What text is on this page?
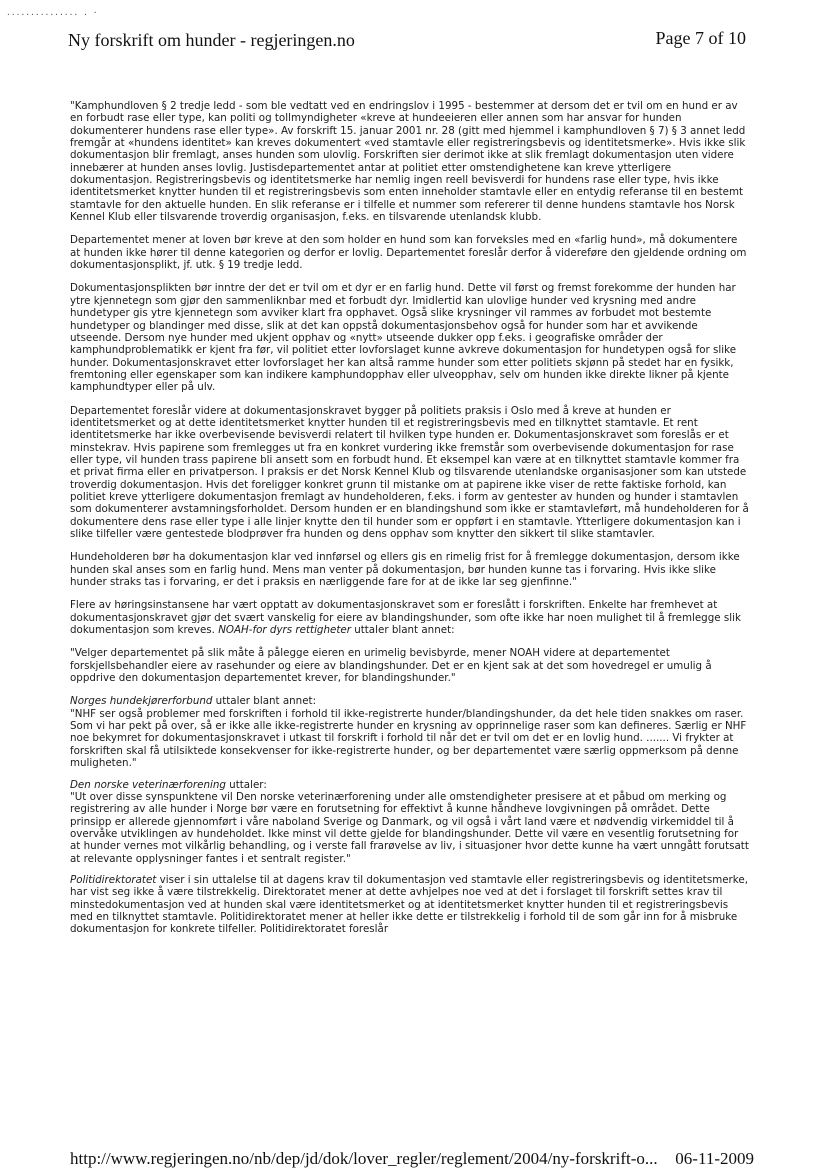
............... . ·
Ny forskrift om hunder - regjeringen.no	Page 7 of 10

"Kamphundloven § 2 tredje ledd - som ble vedtatt ved en endringslov i 1995 - bestemmer at dersom det er tvil om en hund er av en forbudt rase eller type, kan politi og tollmyndigheter «kreve at hundeeieren eller annen som har ansvar for hunden dokumenterer hundens rase eller type». Av forskrift 15. januar 2001 nr. 28 (gitt med hjemmel i kamphundloven § 7) § 3 annet ledd fremgår at «hundens identitet» kan kreves dokumentert «ved stamtavle eller registreringsbevis og identitetsmerke». Hvis ikke slik dokumentasjon blir fremlagt, anses hunden som ulovlig. Forskriften sier derimot ikke at slik fremlagt dokumentasjon uten videre innebærer at hunden anses lovlig. Justisdepartementet antar at politiet etter omstendighetene kan kreve ytterligere dokumentasjon. Registreringsbevis og identitetsmerke har nemlig ingen reell bevisverdi for hundens rase eller type, hvis ikke identitetsmerket knytter hunden til et registreringsbevis som enten inneholder stamtavle eller en entydig referanse til en bestemt stamtavle for den aktuelle hunden. En slik referanse er i tilfelle et nummer som refererer til denne hundens stamtavle hos Norsk Kennel Klub eller tilsvarende troverdig organisasjon, f.eks. en tilsvarende utenlandsk klubb.

Departementet mener at loven bør kreve at den som holder en hund som kan forveksles med en «farlig hund», må dokumentere at hunden ikke hører til denne kategorien og derfor er lovlig. Departementet foreslår derfor å videreføre den gjeldende ordning om dokumentasjonsplikt, jf. utk. § 19 tredje ledd.

Dokumentasjonsplikten bør inntre der det er tvil om et dyr er en farlig hund. Dette vil først og fremst forekomme der hunden har ytre kjennetegn som gjør den sammenliknbar med et forbudt dyr. Imidlertid kan ulovlige hunder ved krysning med andre hundetyper gis ytre kjennetegn som avviker klart fra opphavet. Også slike krysninger vil rammes av forbudet mot bestemte hundetyper og blandinger med disse, slik at det kan oppstå dokumentasjonsbehov også for hunder som har et avvikende utseende. Dersom nye hunder med ukjent opphav og «nytt» utseende dukker opp f.eks. i geografiske områder der kamphundproblematikk er kjent fra før, vil politiet etter lovforslaget kunne avkreve dokumentasjon for hundetypen også for slike hunder. Dokumentasjonskravet etter lovforslaget her kan altså ramme hunder som etter politiets skjønn på stedet har en fysikk, fremtoning eller egenskaper som kan indikere kamphundopphav eller ulveopphav, selv om hunden ikke direkte likner på kjente kamphundtyper eller på ulv.

Departementet foreslår videre at dokumentasjonskravet bygger på politiets praksis i Oslo med å kreve at hunden er identitetsmerket og at dette identitetsmerket knytter hunden til et registreringsbevis med en tilknyttet stamtavle. Et rent identitetsmerke har ikke overbevisende bevisverdi relatert til hvilken type hunden er. Dokumentasjonskravet som foreslås er et minstekrav. Hvis papirene som fremlegges ut fra en konkret vurdering ikke fremstår som overbevisende dokumentasjon for rase eller type, vil hunden trass papirene bli ansett som en forbudt hund. Et eksempel kan være at en tilknyttet stamtavle kommer fra et privat firma eller en privatperson. I praksis er det Norsk Kennel Klub og tilsvarende utenlandske organisasjoner som kan utstede troverdig dokumentasjon. Hvis det foreligger konkret grunn til mistanke om at papirene ikke viser de rette faktiske forhold, kan politiet kreve ytterligere dokumentasjon fremlagt av hundeholderen, f.eks. i form av gentester av hunden og hunder i stamtavlen som dokumenterer avstamningsforholdet. Dersom hunden er en blandingshund som ikke er stamtavleført, må hundeholderen for å dokumentere dens rase eller type i alle linjer knytte den til hunder som er oppført i en stamtavle. Ytterligere dokumentasjon kan i slike tilfeller være gentestede blodprøver fra hunden og dens opphav som knytter den sikkert til slike stamtavler.

Hundeholderen bør ha dokumentasjon klar ved innførsel og ellers gis en rimelig frist for å fremlegge dokumentasjon, dersom ikke hunden skal anses som en farlig hund. Mens man venter på dokumentasjon, bør hunden kunne tas i forvaring. Hvis ikke slike hunder straks tas i forvaring, er det i praksis en nærliggende fare for at de ikke lar seg gjenfinne."

Flere av høringsinstansene har vært opptatt av dokumentasjonskravet som er foreslått i forskriften. Enkelte har fremhevet at dokumentasjonskravet gjør det svært vanskelig for eiere av blandingshunder, som ofte ikke har noen mulighet til å fremlegge slik dokumentasjon som kreves. NOAH-for dyrs rettigheter uttaler blant annet:

"Velger departementet på slik måte å pålegge eieren en urimelig bevisbyrde, mener NOAH videre at departementet forskjellsbehandler eiere av rasehunder og eiere av blandingshunder. Det er en kjent sak at det som hovedregel er umulig å oppdrive den dokumentasjon departementet krever, for blandingshunder."

Norges hundekjørerforbund uttaler blant annet:

"NHF ser også problemer med forskriften i forhold til ikke-registrerte hunder/blandingshunder, da det hele tiden snakkes om raser. Som vi har pekt på over, så er ikke alle ikke-registrerte hunder en krysning av opprinnelige raser som kan defineres. Særlig er NHF noe bekymret for dokumentasjonskravet i utkast til forskrift i forhold til når det er tvil om det er en lovlig hund. ....... Vi frykter at forskriften skal få utilsiktede konsekvenser for ikke-registrerte hunder, og ber departementet være særlig oppmerksom på denne muligheten."

Den norske veterinærforening uttaler:

"Ut over disse synspunktene vil Den norske veterinærforening under alle omstendigheter presisere at et påbud om merking og registrering av alle hunder i Norge bør være en forutsetning for effektivt å kunne håndheve lovgivningen på området. Dette prinsipp er allerede gjennomført i våre naboland Sverige og Danmark, og vil også i vårt land være et nødvendig virkemiddel til å overvåke utviklingen av hundeholdet. Ikke minst vil dette gjelde for blandingshunder. Dette vil være en vesentlig forutsetning for at hunder vernes mot vilkårlig behandling, og i verste fall frarøvelse av liv, i situasjoner hvor dette kunne ha vært unngått forutsatt at relevante opplysninger fantes i et sentralt register."

Politidirektoratet viser i sin uttalelse til at dagens krav til dokumentasjon ved stamtavle eller registreringsbevis og identitetsmerke, har vist seg ikke å være tilstrekkelig. Direktoratet mener at dette avhjelpes noe ved at det i forslaget til forskrift settes krav til minstedokumentasjon ved at hunden skal være identitetsmerket og at identitetsmerket knytter hunden til et registreringsbevis med en tilknyttet stamtavle. Politidirektoratet mener at heller ikke dette er tilstrekkelig i forhold til de som går inn for å misbruke dokumentasjon for konkrete tilfeller. Politidirektoratet foreslår

http://www.regjeringen.no/nb/dep/jd/dok/lover_regler/reglement/2004/ny-forskrift-o... 06-11-2009
